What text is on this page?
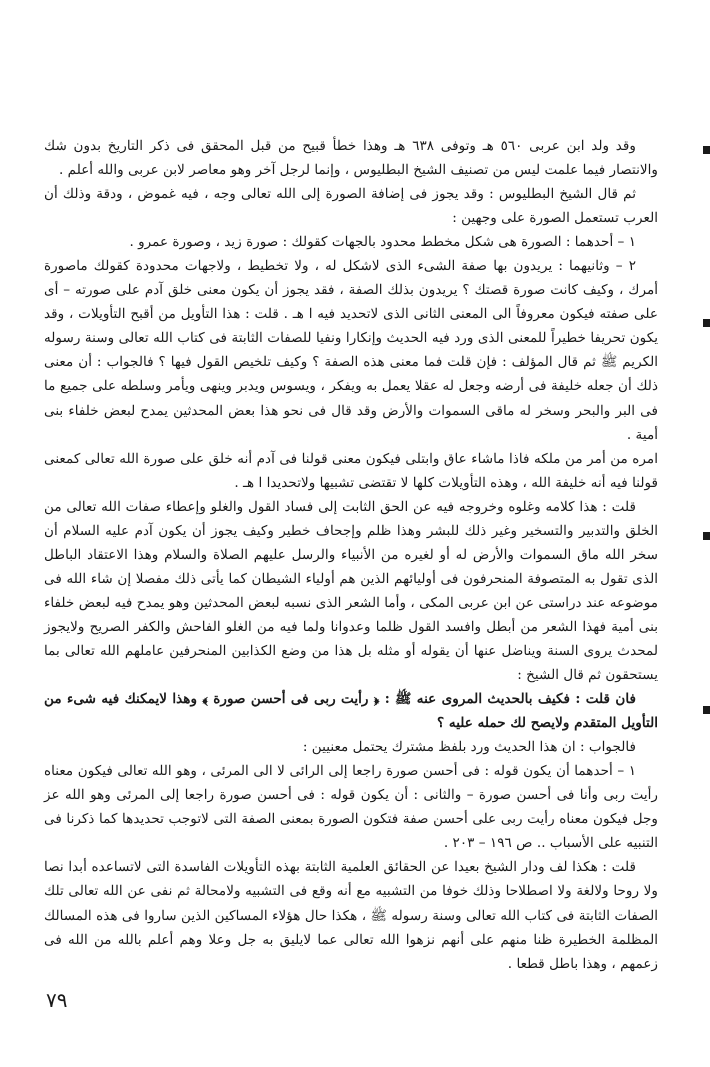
وقد ولد ابن عربى ٥٦٠ هـ وتوفى ٦٣٨ هـ وهذا خطأ قبيح من قبل المحقق فى ذكر التاريخ بدون شك والانتصار فيما علمت ليس من تصنيف الشيخ البطليوس ، وإنما لرجل آخر وهو معاصر لابن عربى والله أعلم .

ثم قال الشيخ البطليوس : وقد يجوز فى إضافة الصورة إلى الله تعالى وجه ، فيه غموض ، ودقة وذلك أن العرب تستعمل الصورة على وجهين :

١ – أحدهما : الصورة هى شكل مخطط محدود بالجهات كقولك : صورة زيد ، وصورة عمرو .

٢ – وثانيهما : يريدون بها صفة الشىء الذى لاشكل له ، ولا تخطيط ، ولاجهات محدودة كقولك ماصورة أمرك ، وكيف كانت صورة قصتك ؟ يريدون بذلك الصفة ، فقد يجوز أن يكون معنى خلق آدم على صورته – أى على صفته فيكون معروفاً الى المعنى الثانى الذى لاتحديد فيه ا هـ . قلت : هذا التأويل من أقبح التأويلات ، وقد يكون تحريفا خطيراً للمعنى الذى ورد فيه الحديث وإنكارا ونفيا للصفات الثابتة فى كتاب الله تعالى وسنة رسوله الكريم ﷺ ثم قال المؤلف : فإن قلت فما معنى هذه الصفة ؟ وكيف تلخيص القول فيها ؟ فالجواب : أن معنى ذلك أن جعله خليفة فى أرضه وجعل له عقلا يعمل به ويفكر ، ويسوس ويدبر وينهى ويأمر وسلطه على جميع ما فى البر والبحر وسخر له ماقى السموات والأرض وقد قال فى نحو هذا بعض المحدثين يمدح لبعض خلفاء بنى أمية .

امره من أمر من ملكه فاذا ماشاء عاق وابتلى فيكون معنى قولنا فى آدم أنه خلق على صورة الله تعالى كمعنى قولنا فيه أنه خليفة الله ، وهذه التأويلات كلها لا تقتضى تشبيها ولاتحديدا ا هـ .

قلت : هذا كلامه وغلوه وخروجه فيه عن الحق الثابت إلى فساد القول والغلو وإعطاء صفات الله تعالى من الخلق والتدبير والتسخير وغير ذلك للبشر وهذا ظلم وإجحاف خطير وكيف يجوز أن يكون آدم عليه السلام أن سخر الله ماق السموات والأرض له أو لغيره من الأنبياء والرسل عليهم الصلاة والسلام وهذا الاعتقاد الباطل الذى تقول به المتصوفة المنحرفون فى أوليائهم الذين هم أولياء الشيطان كما يأتى ذلك مفصلا إن شاء الله فى موضوعه عند دراستى عن ابن عربى المكى ، وأما الشعر الذى نسبه لبعض المحدثين وهو يمدح فيه لبعض خلفاء بنى أمية فهذا الشعر من أبطل وافسد القول ظلما وعدوانا ولما فيه من الغلو الفاحش والكفر الصريح ولايجوز لمحدث يروى السنة ويناضل عنها أن يقوله أو مثله بل هذا من وضع الكذابين المنحرفين عاملهم الله تعالى بما يستحقون ثم قال الشيخ :

فان قلت : فكيف بالحديث المروى عنه ﷺ : ﴿ رأيت ربى فى أحسن صورة ﴾ وهذا لايمكنك فيه شىء من التأويل المتقدم ولايصح لك حمله عليه ؟

فالجواب : ان هذا الحديث ورد بلفظ مشترك يحتمل معنيين :

١ – أحدهما أن يكون قوله : فى أحسن صورة راجعا إلى الرائى لا الى المرئى ، وهو الله تعالى فيكون معناه رأيت ربى وأنا فى أحسن صورة – والثانى : أن يكون قوله : فى أحسن صورة راجعا إلى المرئى وهو الله عز وجل فيكون معناه رأيت ربى على أحسن صفة فتكون الصورة بمعنى الصفة التى لاتوجب تحديدها كما ذكرنا فى التنبيه على الأسباب .. ص ١٩٦ – ٢٠٣ .

قلت : هكذا لف ودار الشيخ بعيدا عن الحقائق العلمية الثابتة بهذه التأويلات الفاسدة التى لاتساعده أبدا نصا ولا روحا ولالغة ولا اصطلاحا وذلك خوفا من التشبيه مع أنه وقع فى التشبيه ولامحالة ثم نفى عن الله تعالى تلك الصفات الثابتة فى كتاب الله تعالى وسنة رسوله ﷺ ، هكذا حال هؤلاء المساكين الذين ساروا فى هذه المسالك المظلمة الخطيرة ظنا منهم على أنهم نزهوا الله تعالى عما لايليق به جل وعلا وهم أعلم بالله من الله فى زعمهم ، وهذا باطل قطعا .

٧٩
